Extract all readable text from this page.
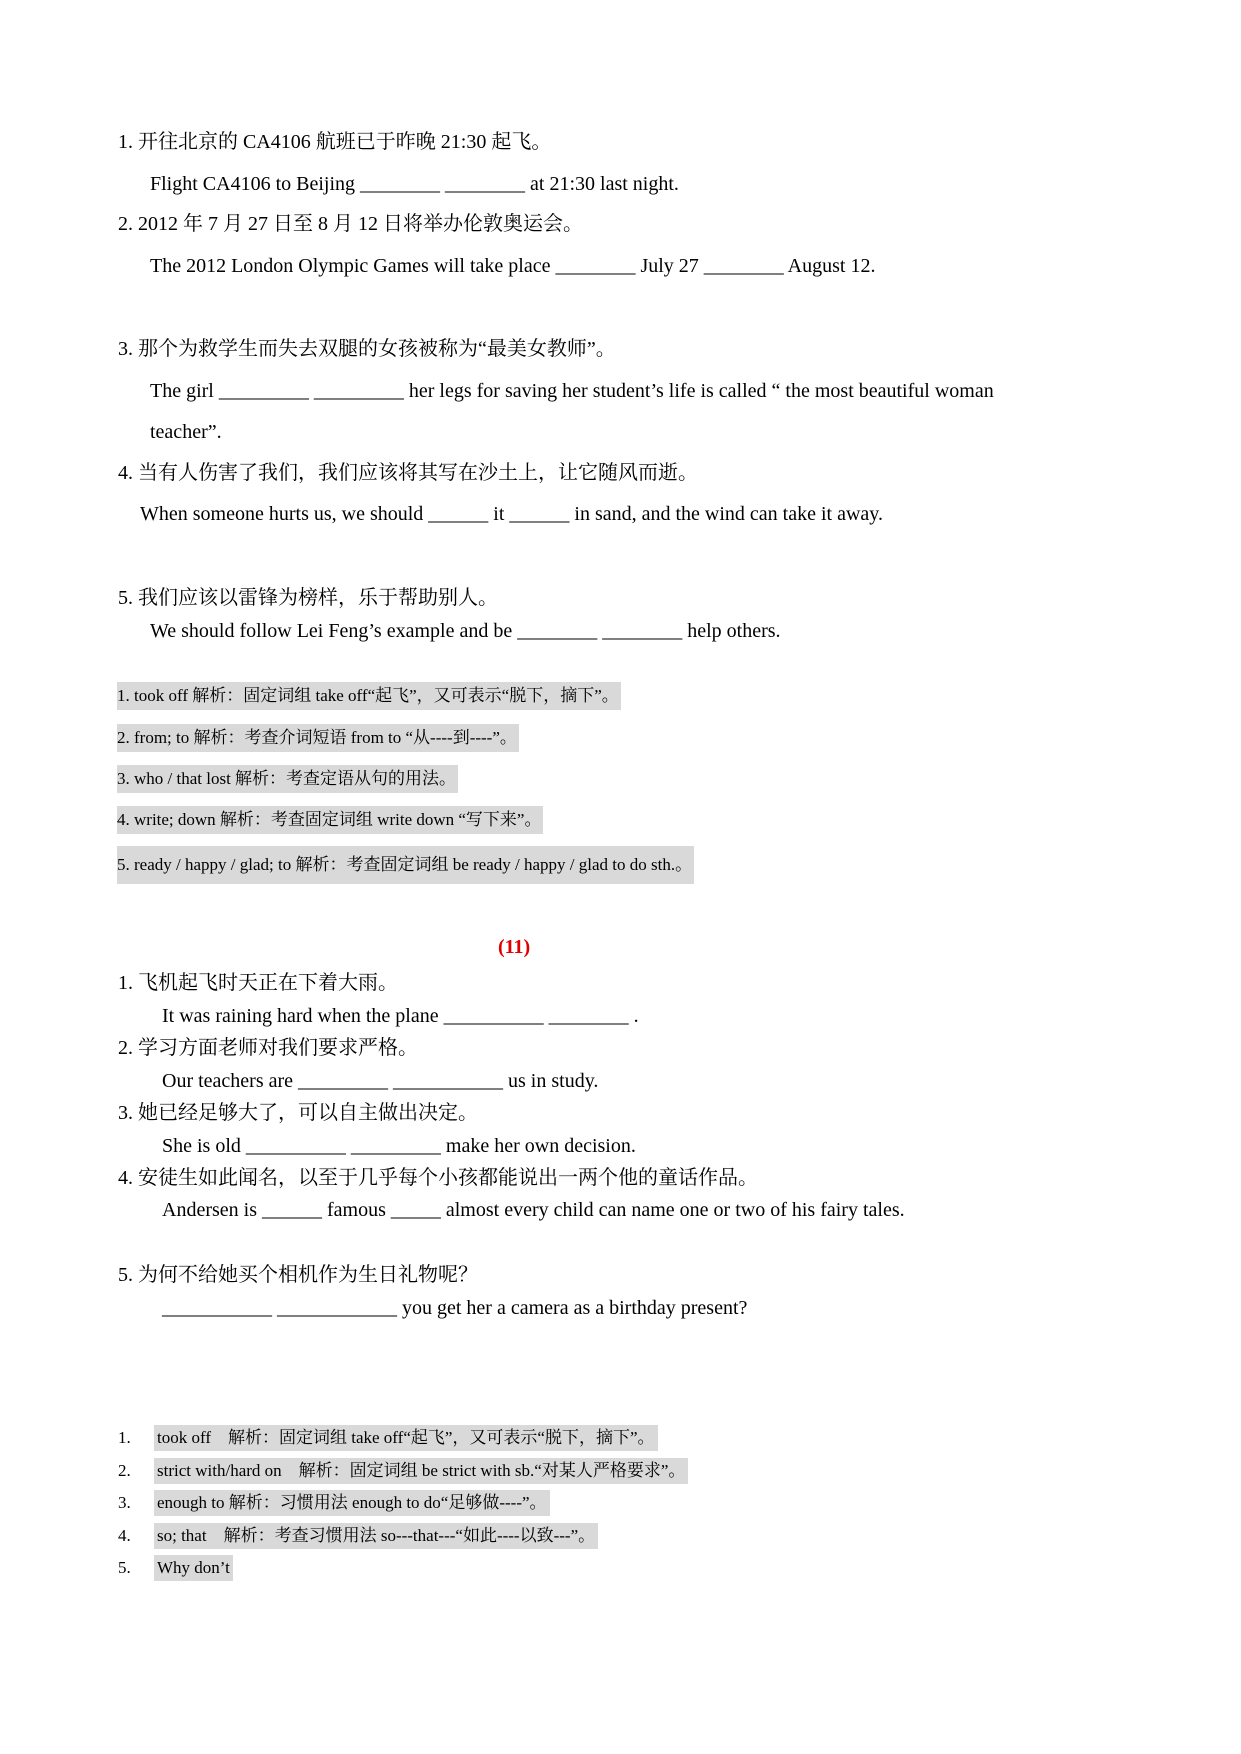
1. 开往北京的 CA4106 航班已于昨晚 21:30 起飞。
Flight CA4106 to Beijing ________ ________ at 21:30 last night.
2. 2012 年 7 月 27 日至 8 月 12 日将举办伦敦奥运会。
The 2012 London Olympic Games will take place ________ July 27 ________ August 12.
3. 那个为救学生而失去双腿的女孩被称为“最美女教师”。
The girl _________ _________ her legs for saving her student’s life is called “ the most beautiful woman
teacher”.
4. 当有人伤害了我们，我们应该将其写在沙土上，让它随风而逝。
When someone hurts us, we should ______ it ______ in sand, and the wind can take it away.
5. 我们应该以雷锋为榜样，乐于帮助别人。
We should follow Lei Feng’s example and be ________ ________ help others.
1. took off 解析：固定词组 take off“起飞”，又可表示“脱下，摘下”。
2. from; to 解析：考查介词短语 from to “从----到----”。
3. who / that lost 解析：考查定语从句的用法。
4. write; down 解析：考查固定词组 write down “写下来”。
5. ready / happy / glad; to 解析：考查固定词组 be ready / happy / glad to do sth.。
(11)
1. 飞机起飞时天正在下着大雨。
It was raining hard when the plane __________ ________ .
2. 学习方面老师对我们要求严格。
Our teachers are _________ ___________ us in study.
3. 她已经足够大了，可以自主做出决定。
She is old __________ _________ make her own decision.
4. 安徒生如此闻名，以至于几乎每个小孩都能说出一两个他的童话作品。
Andersen is ______ famous _____ almost every child can name one or two of his fairy tales.
5. 为何不给她买个相机作为生日礼物呢？
___________ ____________ you get her a camera as a birthday present?
1. took off　解析：固定词组 take off“起飞”，又可表示“脱下，摘下”。
2. strict with/hard on　解析：固定词组 be strict with sb.“对某人严格要求”。
3. enough to 解析：习惯用法 enough to do“足够做----”。
4. so; that　解析：考查习惯用法 so---that---“如此----以致---”。
5. Why don’t
